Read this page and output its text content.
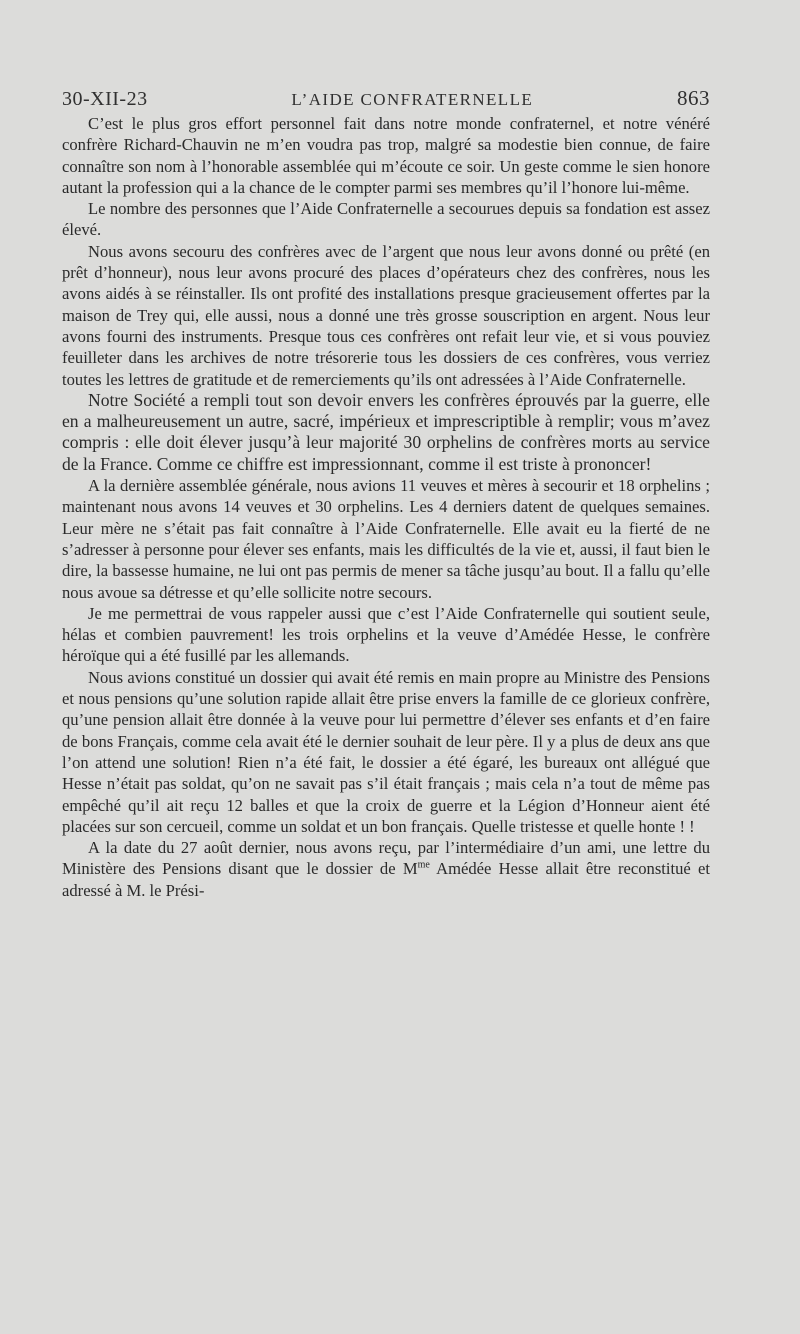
30-XII-23	L’AIDE CONFRATERNELLE	863

C’est le plus gros effort personnel fait dans notre monde confraternel, et notre vénéré confrère Richard-Chauvin ne m’en voudra pas trop, malgré sa modestie bien connue, de faire connaître son nom à l’honorable assemblée qui m’écoute ce soir. Un geste comme le sien honore autant la profession qui a la chance de le compter parmi ses membres qu’il l’honore lui-même.

Le nombre des personnes que l’Aide Confraternelle a secourues depuis sa fondation est assez élevé.

Nous avons secouru des confrères avec de l’argent que nous leur avons donné ou prêté (en prêt d’honneur), nous leur avons procuré des places d’opérateurs chez des confrères, nous les avons aidés à se réinstaller. Ils ont profité des installations presque gracieusement offertes par la maison de Trey qui, elle aussi, nous a donné une très grosse souscription en argent. Nous leur avons fourni des instruments. Presque tous ces confrères ont refait leur vie, et si vous pouviez feuilleter dans les archives de notre trésorerie tous les dossiers de ces confrères, vous verriez toutes les lettres de gratitude et de remerciements qu’ils ont adressées à l’Aide Confraternelle.

Notre Société a rempli tout son devoir envers les confrères éprouvés par la guerre, elle en a malheureusement un autre, sacré, impérieux et imprescriptible à remplir; vous m’avez compris : elle doit élever jusqu’à leur majorité 30 orphelins de confrères morts au service de la France. Comme ce chiffre est impressionnant, comme il est triste à prononcer!

A la dernière assemblée générale, nous avions 11 veuves et mères à secourir et 18 orphelins ; maintenant nous avons 14 veuves et 30 orphelins. Les 4 derniers datent de quelques semaines. Leur mère ne s’était pas fait connaître à l’Aide Confraternelle. Elle avait eu la fierté de ne s’adresser à personne pour élever ses enfants, mais les difficultés de la vie et, aussi, il faut bien le dire, la bassesse humaine, ne lui ont pas permis de mener sa tâche jusqu’au bout. Il a fallu qu’elle nous avoue sa détresse et qu’elle sollicite notre secours.

Je me permettrai de vous rappeler aussi que c’est l’Aide Confraternelle qui soutient seule, hélas et combien pauvrement! les trois orphelins et la veuve d’Amédée Hesse, le confrère héroïque qui a été fusillé par les allemands.

Nous avions constitué un dossier qui avait été remis en main propre au Ministre des Pensions et nous pensions qu’une solution rapide allait être prise envers la famille de ce glorieux confrère, qu’une pension allait être donnée à la veuve pour lui permettre d’élever ses enfants et d’en faire de bons Français, comme cela avait été le dernier souhait de leur père. Il y a plus de deux ans que l’on attend une solution! Rien n’a été fait, le dossier a été égaré, les bureaux ont allégué que Hesse n’était pas soldat, qu’on ne savait pas s’il était français ; mais cela n’a tout de même pas empêché qu’il ait reçu 12 balles et que la croix de guerre et la Légion d’Honneur aient été placées sur son cercueil, comme un soldat et un bon français. Quelle tristesse et quelle honte ! !

A la date du 27 août dernier, nous avons reçu, par l’intermédiaire d’un ami, une lettre du Ministère des Pensions disant que le dossier de $M^{me}$ Amédée Hesse allait être reconstitué et adressé à M. le Prési-
